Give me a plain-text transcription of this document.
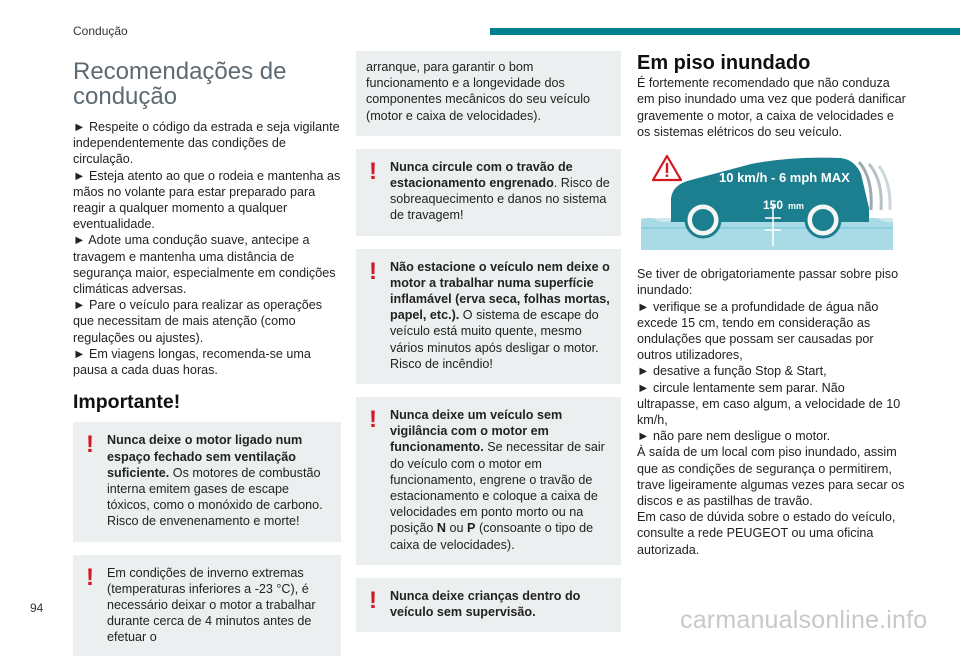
Condução
Recomendações de condução

► Respeite o código da estrada e seja vigilante independentemente das condições de circulação.

► Esteja atento ao que o rodeia e mantenha as mãos no volante para estar preparado para reagir a qualquer momento a qualquer eventualidade.

► Adote uma condução suave, antecipe a travagem e mantenha uma distância de segurança maior, especialmente em condições climáticas adversas.

► Pare o veículo para realizar as operações que necessitam de mais atenção (como regulações ou ajustes).

► Em viagens longas, recomenda-se uma pausa a cada duas horas.

Importante!
!	Nunca deixe o motor ligado num espaço fechado sem ventilação suficiente. Os motores de combustão interna emitem gases de escape tóxicos, como o monóxido de carbono. Risco de envenenamento e morte!

!	Em condições de inverno extremas (temperaturas inferiores a -23 °C), é necessário deixar o motor a trabalhar durante cerca de 4 minutos antes de efetuar o

arranque, para garantir o bom funcionamento e a longevidade dos componentes mecânicos do seu veículo (motor e caixa de velocidades).

!	Nunca circule com o travão de estacionamento engrenado. Risco de sobreaquecimento e danos no sistema de travagem!

!	Não estacione o veículo nem deixe o motor a trabalhar numa superfície inflamável (erva seca, folhas mortas, papel, etc.). O sistema de escape do veículo está muito quente, mesmo vários minutos após desligar o motor. Risco de incêndio!

!	Nunca deixe um veículo sem vigilância com o motor em funcionamento. Se necessitar de sair do veículo com o motor em funcionamento, engrene o travão de estacionamento e coloque a caixa de velocidades em ponto morto ou na posição N ou P (consoante o tipo de caixa de velocidades).

!	Nunca deixe crianças dentro do veículo sem supervisão.

Em piso inundado

É fortemente recomendado que não conduza em piso inundado uma vez que poderá danificar gravemente o motor, a caixa de velocidades e os sistemas elétricos do seu veículo.

10 km/h - 6 mph MAX
150 mm

Se tiver de obrigatoriamente passar sobre piso inundado:

► verifique se a profundidade de água não excede 15 cm, tendo em consideração as ondulações que possam ser causadas por outros utilizadores,

► desative a função Stop & Start,

► circule lentamente sem parar. Não ultrapasse, em caso algum, a velocidade de 10 km/h,

► não pare nem desligue o motor.

À saída de um local com piso inundado, assim que as condições de segurança o permitirem, trave ligeiramente algumas vezes para secar os discos e as pastilhas de travão.

Em caso de dúvida sobre o estado do veículo, consulte a rede PEUGEOT ou uma oficina autorizada.

94	carmanualsonline.info
